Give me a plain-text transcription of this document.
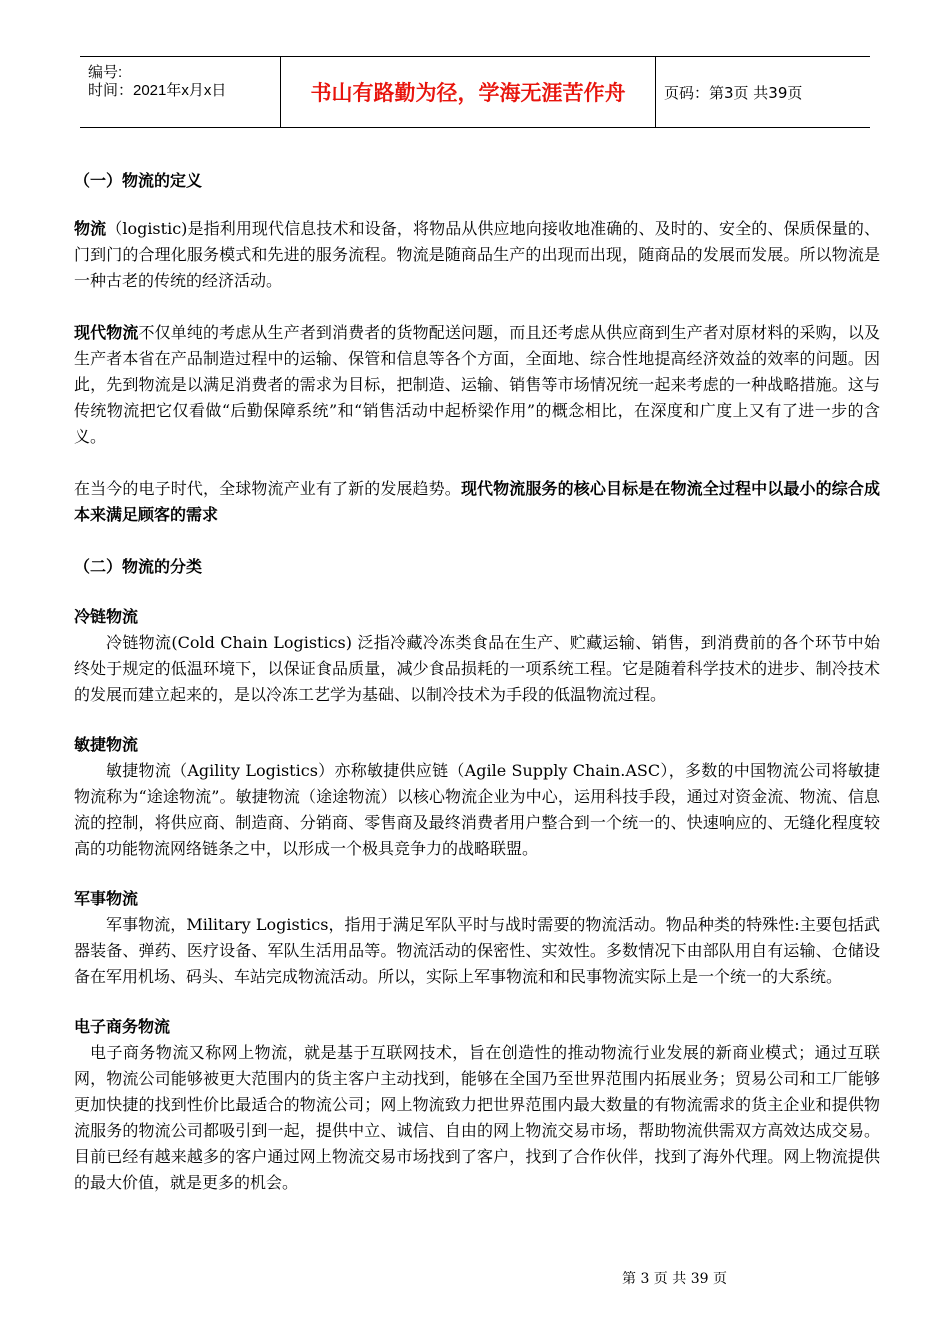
编号:
时间：2021年x月x日	书山有路勤为径，学海无涯苦作舟	页码：第3页 共39页

（一）物流的定义

物流（logistic)是指利用现代信息技术和设备，将物品从供应地向接收地准确的、及时的、安全的、保质保量的、门到门的合理化服务模式和先进的服务流程。物流是随商品生产的出现而出现，随商品的发展而发展。所以物流是一种古老的传统的经济活动。

现代物流不仅单纯的考虑从生产者到消费者的货物配送问题，而且还考虑从供应商到生产者对原材料的采购，以及生产者本省在产品制造过程中的运输、保管和信息等各个方面，全面地、综合性地提高经济效益的效率的问题。因此，先到物流是以满足消费者的需求为目标，把制造、运输、销售等市场情况统一起来考虑的一种战略措施。这与传统物流把它仅看做“后勤保障系统”和“销售活动中起桥梁作用”的概念相比，在深度和广度上又有了进一步的含义。

在当今的电子时代，全球物流产业有了新的发展趋势。现代物流服务的核心目标是在物流全过程中以最小的综合成本来满足顾客的需求

（二）物流的分类

冷链物流

冷链物流(Cold Chain Logistics) 泛指冷藏冷冻类食品在生产、贮藏运输、销售，到消费前的各个环节中始终处于规定的低温环境下，以保证食品质量，减少食品损耗的一项系统工程。它是随着科学技术的进步、制冷技术的发展而建立起来的，是以冷冻工艺学为基础、以制冷技术为手段的低温物流过程。

敏捷物流

敏捷物流（Agility Logistics）亦称敏捷供应链（Agile Supply Chain.ASC），多数的中国物流公司将敏捷物流称为“途途物流”。敏捷物流（途途物流）以核心物流企业为中心，运用科技手段，通过对资金流、物流、信息流的控制，将供应商、制造商、分销商、零售商及最终消费者用户整合到一个统一的、快速响应的、无缝化程度较高的功能物流网络链条之中，以形成一个极具竞争力的战略联盟。

军事物流

军事物流，Military Logistics，指用于满足军队平时与战时需要的物流活动。物品种类的特殊性:主要包括武器装备、弹药、医疗设备、军队生活用品等。物流活动的保密性、实效性。多数情况下由部队用自有运输、仓储设备在军用机场、码头、车站完成物流活动。所以，实际上军事物流和和民事物流实际上是一个统一的大系统。

电子商务物流

电子商务物流又称网上物流，就是基于互联网技术，旨在创造性的推动物流行业发展的新商业模式；通过互联网，物流公司能够被更大范围内的货主客户主动找到，能够在全国乃至世界范围内拓展业务；贸易公司和工厂能够更加快捷的找到性价比最适合的物流公司；网上物流致力把世界范围内最大数量的有物流需求的货主企业和提供物流服务的物流公司都吸引到一起，提供中立、诚信、自由的网上物流交易市场，帮助物流供需双方高效达成交易。目前已经有越来越多的客户通过网上物流交易市场找到了客户，找到了合作伙伴，找到了海外代理。网上物流提供的最大价值，就是更多的机会。

第 3 页 共 39 页
